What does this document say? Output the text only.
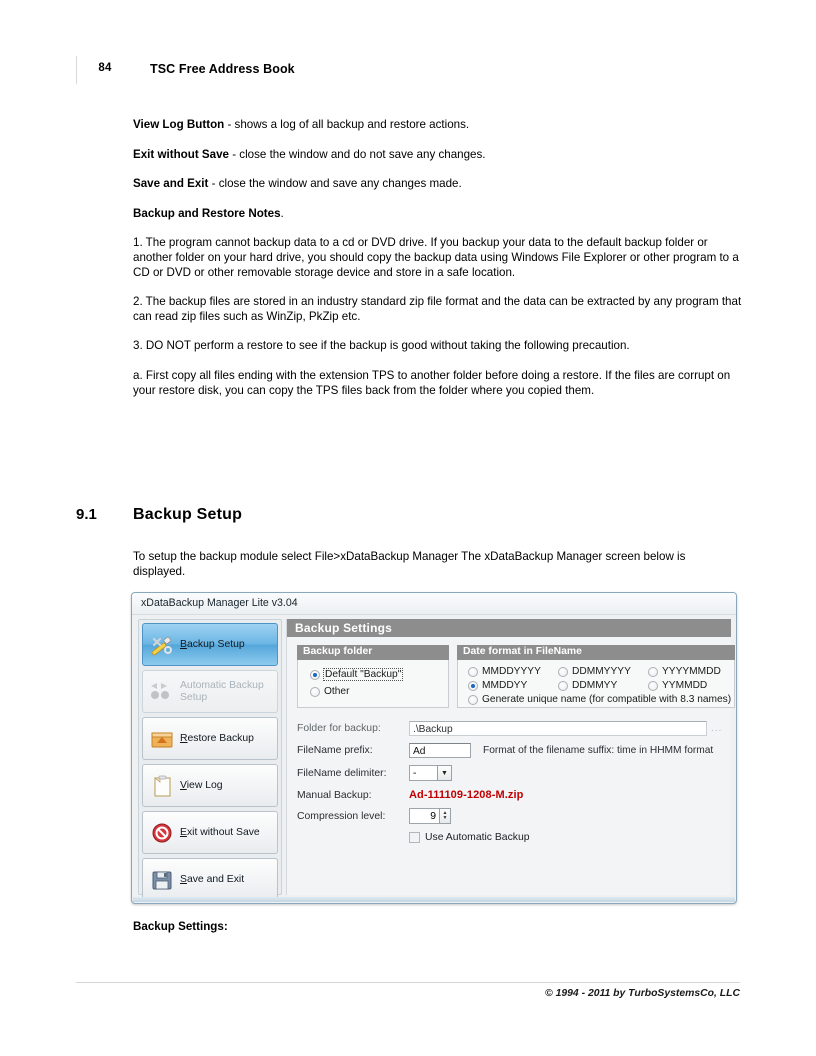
84	TSC Free Address Book

View Log Button - shows a log of all backup and restore actions.

Exit without Save - close the window and do not save any changes.

Save and Exit - close the window and save any changes made.

Backup and Restore Notes.

1. The program cannot backup data to a cd or DVD drive. If you backup your data to the default backup folder or another folder on your hard drive, you should copy the backup data using Windows File Explorer or other program to a CD or DVD or other removable storage device and store in a safe location.

2. The backup files are stored in an industry standard zip file format and the data can be extracted by any program that can read zip files such as WinZip, PkZip etc.

3. DO NOT perform a restore to see if the backup is good without taking the following precaution.

a. First copy all files ending with the extension TPS to another folder before doing a restore. If the files are corrupt on your restore disk, you can copy the TPS files back from the folder where you copied them.

9.1 Backup Setup
To setup the backup module select File>xDataBackup Manager The xDataBackup Manager screen below is displayed.
xDataBackup Manager Lite v3.04
Backup Setup
Automatic Backup Setup
Restore Backup
View Log
Exit without Save
Save and Exit
Backup Settings
Backup folder
Default "Backup"
Other
Date format in FileName
MMDDYYYY	DDMMYYYY	YYYYMMDD
MMDDYY	DDMMYY	YYMMDD
Generate unique name (for compatible with 8.3 names)
Folder for backup:	.\Backup	...
FileName prefix:	Ad	Format of the filename suffix: time in HHMM format
FileName delimiter:	-	▼
Manual Backup:	Ad-111109-1208-M.zip
Compression level:	9	▲
▼
Use Automatic Backup
Backup Settings:
© 1994 - 2011 by TurboSystemsCo, LLC
